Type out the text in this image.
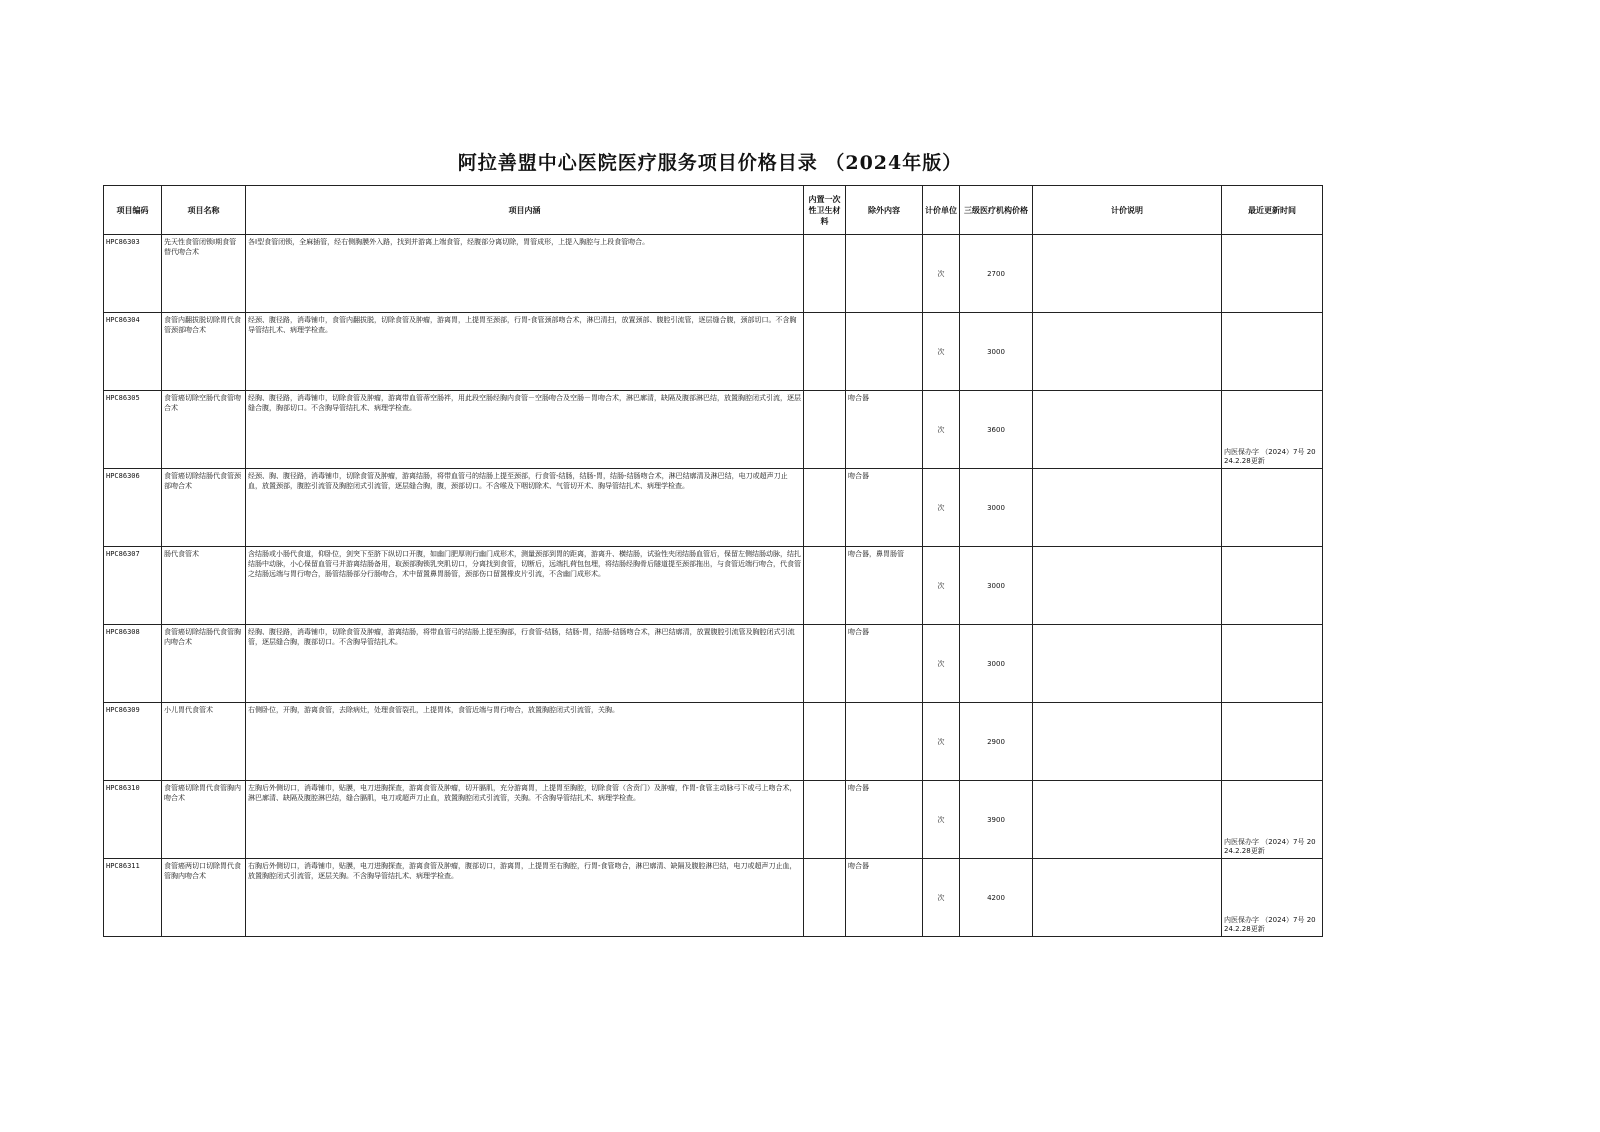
阿拉善盟中心医院医疗服务项目价格目录 （2024年版）
项目编码	项目名称	项目内涵	内置一次性卫生材料	除外内容	计价单位	三级医疗机构价格	计价说明	最近更新时间
HPC86303	先天性食管闭锁Ⅰ期食管替代吻合术	各Ⅰ型食管闭锁，全麻插管，经右侧胸膜外入路，找到并游离上端食管，经腹部分离切除，胃管成形，上提入胸腔与上段食管吻合。			次	2700		
HPC86304	食管内翻拔脱切除胃代食管颈部吻合术	经颈、腹径路，消毒铺巾，食管内翻拔脱，切除食管及肿瘤，游离胃，上提胃至颈部，行胃-食管颈部吻合术，淋巴清扫，放置颈部、腹腔引流管，逐层缝合腹，颈部切口。不含胸导管结扎术、病理学检查。			次	3000		
HPC86305	食管癌切除空肠代食管吻合术	经胸、腹径路，消毒铺巾，切除食管及肿瘤，游离带血管蒂空肠袢，用此段空肠经胸内食管－空肠吻合及空肠－胃吻合术，淋巴廓清，缺隔及腹部淋巴结，放置胸腔闭式引流，逐层缝合腹，胸部切口。不含胸导管结扎术、病理学检查。		吻合器	次	3600		内医保办字 （2024）7号 2024.2.28更新
HPC86306	食管癌切除结肠代食管颈部吻合术	经颈、胸、腹径路，消毒铺巾，切除食管及肿瘤，游离结肠，将带血管弓的结肠上提至颈部，行食管-结肠，结肠-胃，结肠-结肠吻合术，淋巴结廓清及淋巴结，电刀或超声刀止血，放置颈部，腹腔引流管及胸腔闭式引流管，逐层缝合胸，腹，颈部切口。不含喉及下咽切除术、气管切开术、胸导管结扎术、病理学检查。		吻合器	次	3000		
HPC86307	肠代食管术	含结肠或小肠代食道，仰卧位，剑突下至脐下纵切口开腹，如幽门肥厚则行幽门成形术，测量颈部到胃的距离，游离升、横结肠，试验性夹闭结肠血管后，保留左侧结肠动脉，结扎结肠中动脉，小心保留血管弓并游离结肠备用，取颈部胸锁乳突肌切口，分离找到食管，切断后，远端扎荷包包埋，将结肠经胸骨后隧道提至颈部拖出，与食管近端行吻合，代食管之结肠远端与胃行吻合，肠管结肠部分行肠吻合，术中留置鼻胃肠管，颈部伤口留置橡皮片引流，不含幽门成形术。		吻合器，鼻胃肠管	次	3000		
HPC86308	食管癌切除结肠代食管胸内吻合术	经胸、腹径路，消毒铺巾，切除食管及肿瘤，游离结肠，将带血管弓的结肠上提至胸部，行食管-结肠，结肠-胃，结肠-结肠吻合术，淋巴结廓清，放置腹腔引流管及胸腔闭式引流管，逐层缝合胸，腹部切口。不含胸导管结扎术。		吻合器	次	3000		
HPC86309	小儿胃代食管术	右侧卧位，开胸，游离食管，去除病灶，处理食管裂孔，上提胃体，食管近端与胃行吻合，放置胸腔闭式引流管，关胸。			次	2900		
HPC86310	食管癌切除胃代食管胸内吻合术	左胸后外侧切口，消毒铺巾，贴膜，电刀进胸探查，游离食管及肿瘤，切开膈肌，充分游离胃，上提胃至胸腔，切除食管（含贲门）及肿瘤，作胃-食管主动脉弓下或弓上吻合术，淋巴廓清、缺隔及腹腔淋巴结，缝合膈肌，电刀或超声刀止血，放置胸腔闭式引流管，关胸。不含胸导管结扎术、病理学检查。		吻合器	次	3900		内医保办字 （2024）7号 2024.2.28更新
HPC86311	食管癌两切口切除胃代食管胸内吻合术	右胸后外侧切口，消毒铺巾，贴膜，电刀进胸探查，游离食管及肿瘤，腹部切口，游离胃，上提胃至右胸腔，行胃-食管吻合，淋巴廓清、缺隔及腹腔淋巴结，电刀或超声刀止血，放置胸腔闭式引流管，逐层关胸。不含胸导管结扎术、病理学检查。		吻合器	次	4200		内医保办字 （2024）7号 2024.2.28更新
